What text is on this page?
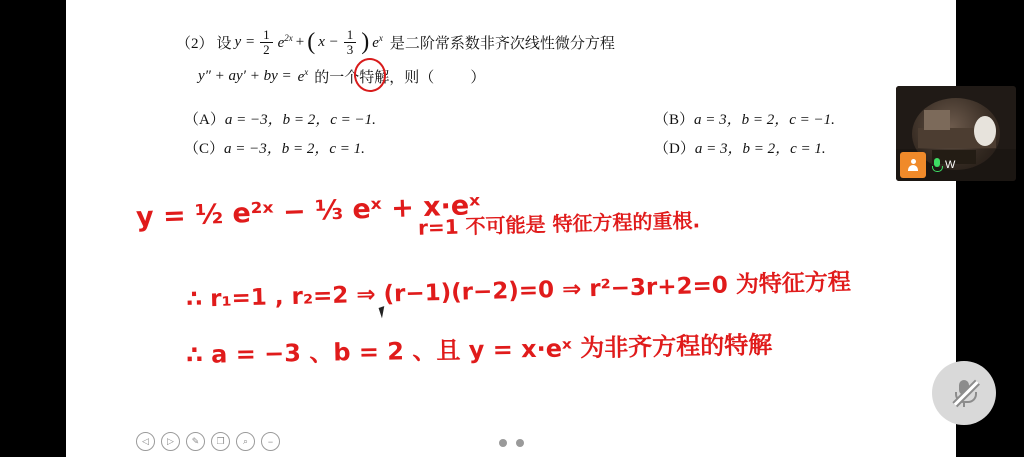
（2） 设 $y = \frac{1}{2} e^{2x}$ + ( $x - \frac{1}{3}$ ) $e^x$ 是二阶常系数非齐次线性微分方程
y″ + ay′ + by = $e^x$ 的一个特解，则（ ）
（A）a = −3，b = 2，c = −1.	（B）a = 3，b = 2，c = −1.
（C）a = −3，b = 2，c = 1.	（D）a = 3，b = 2，c = 1.
y = ½ e²ˣ − ⅓ eˣ + x·eˣ
r=1 不可能是 特征方程的重根.
∴ r₁=1 , r₂=2 ⇒ (r−1)(r−2)=0 ⇒ r²−3r+2=0 为特征方程
∴ a = −3 、b = 2 、且 y = x·eˣ 为非齐方程的特解
◁	▷	✎	❐	⌕	−
W
